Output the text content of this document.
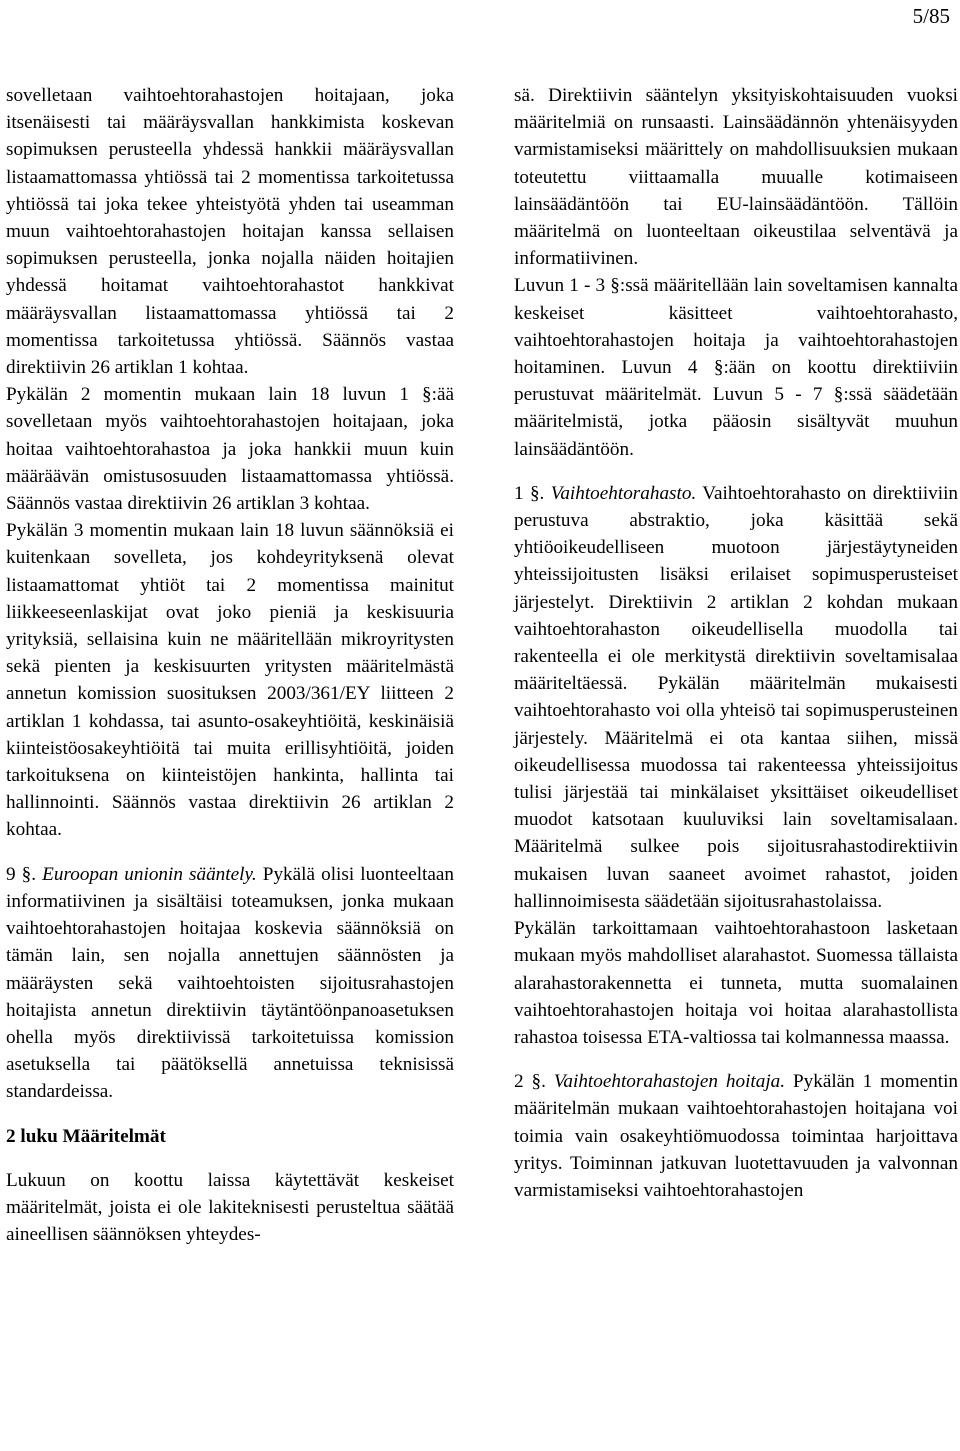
5/85

sovelletaan vaihtoehtorahastojen hoitajaan, joka itsenäisesti tai määräysvallan hankkimista koskevan sopimuksen perusteella yhdessä hankkii määräysvallan listaamattomassa yhtiössä tai 2 momentissa tarkoitetussa yhtiössä tai joka tekee yhteistyötä yhden tai useamman muun vaihtoehtorahastojen hoitajan kanssa sellaisen sopimuksen perusteella, jonka nojalla näiden hoitajien yhdessä hoitamat vaihtoehtorahastot hankkivat määräysvallan listaamattomassa yhtiössä tai 2 momentissa tarkoitetussa yhtiössä. Säännös vastaa direktiivin 26 artiklan 1 kohtaa.

Pykälän 2 momentin mukaan lain 18 luvun 1 §:ää sovelletaan myös vaihtoehtorahastojen hoitajaan, joka hoitaa vaihtoehtorahastoa ja joka hankkii muun kuin määräävän omistusosuuden listaamattomassa yhtiössä. Säännös vastaa direktiivin 26 artiklan 3 kohtaa.

Pykälän 3 momentin mukaan lain 18 luvun säännöksiä ei kuitenkaan sovelleta, jos kohdeyrityksenä olevat listaamattomat yhtiöt tai 2 momentissa mainitut liikkeeseenlaskijat ovat joko pieniä ja keskisuuria yrityksiä, sellaisina kuin ne määritellään mikroyritysten sekä pienten ja keskisuurten yritysten määritelmästä annetun komission suosituksen 2003/361/EY liitteen 2 artiklan 1 kohdassa, tai asunto-osakeyhtiöitä, keskinäisiä kiinteistöosakeyhtiöitä tai muita erillisyhtiöitä, joiden tarkoituksena on kiinteistöjen hankinta, hallinta tai hallinnointi. Säännös vastaa direktiivin 26 artiklan 2 kohtaa.

9 §. Euroopan unionin sääntely. Pykälä olisi luonteeltaan informatiivinen ja sisältäisi toteamuksen, jonka mukaan vaihtoehtorahastojen hoitajaa koskevia säännöksiä on tämän lain, sen nojalla annettujen säännösten ja määräysten sekä vaihtoehtoisten sijoitusrahastojen hoitajista annetun direktiivin täytäntöönpanoasetuksen ohella myös direktiivissä tarkoitetuissa komission asetuksella tai päätöksellä annetuissa teknisissä standardeissa.

2 luku Määritelmät

Lukuun on koottu laissa käytettävät keskeiset määritelmät, joista ei ole lakiteknisesti perusteltua säätää aineellisen säännöksen yhteydes-

sä. Direktiivin sääntelyn yksityiskohtaisuuden vuoksi määritelmiä on runsaasti. Lainsäädännön yhtenäisyyden varmistamiseksi määrittely on mahdollisuuksien mukaan toteutettu viittaamalla muualle kotimaiseen lainsäädäntöön tai EU-lainsäädäntöön. Tällöin määritelmä on luonteeltaan oikeustilaa selventävä ja informatiivinen.

Luvun 1 - 3 §:ssä määritellään lain soveltamisen kannalta keskeiset käsitteet vaihtoehtorahasto, vaihtoehtorahastojen hoitaja ja vaihtoehtorahastojen hoitaminen. Luvun 4 §:ään on koottu direktiiviin perustuvat määritelmät. Luvun 5 - 7 §:ssä säädetään määritelmistä, jotka pääosin sisältyvät muuhun lainsäädäntöön.

1 §. Vaihtoehtorahasto. Vaihtoehtorahasto on direktiiviin perustuva abstraktio, joka käsittää sekä yhtiöoikeudelliseen muotoon järjestäytyneiden yhteissijoitusten lisäksi erilaiset sopimusperusteiset järjestelyt. Direktiivin 2 artiklan 2 kohdan mukaan vaihtoehtorahaston oikeudellisella muodolla tai rakenteella ei ole merkitystä direktiivin soveltamisalaa määriteltäessä. Pykälän määritelmän mukaisesti vaihtoehtorahasto voi olla yhteisö tai sopimusperusteinen järjestely. Määritelmä ei ota kantaa siihen, missä oikeudellisessa muodossa tai rakenteessa yhteissijoitus tulisi järjestää tai minkälaiset yksittäiset oikeudelliset muodot katsotaan kuuluviksi lain soveltamisalaan. Määritelmä sulkee pois sijoitusrahastodirektiivin mukaisen luvan saaneet avoimet rahastot, joiden hallinnoimisesta säädetään sijoitusrahastolaissa.

Pykälän tarkoittamaan vaihtoehtorahastoon lasketaan mukaan myös mahdolliset alarahastot. Suomessa tällaista alarahastorakennetta ei tunneta, mutta suomalainen vaihtoehtorahastojen hoitaja voi hoitaa alarahastollista rahastoa toisessa ETA-valtiossa tai kolmannessa maassa.

2 §. Vaihtoehtorahastojen hoitaja. Pykälän 1 momentin määritelmän mukaan vaihtoehtorahastojen hoitajana voi toimia vain osakeyhtiömuodossa toimintaa harjoittava yritys. Toiminnan jatkuvan luotettavuuden ja valvonnan varmistamiseksi vaihtoehtorahastojen
